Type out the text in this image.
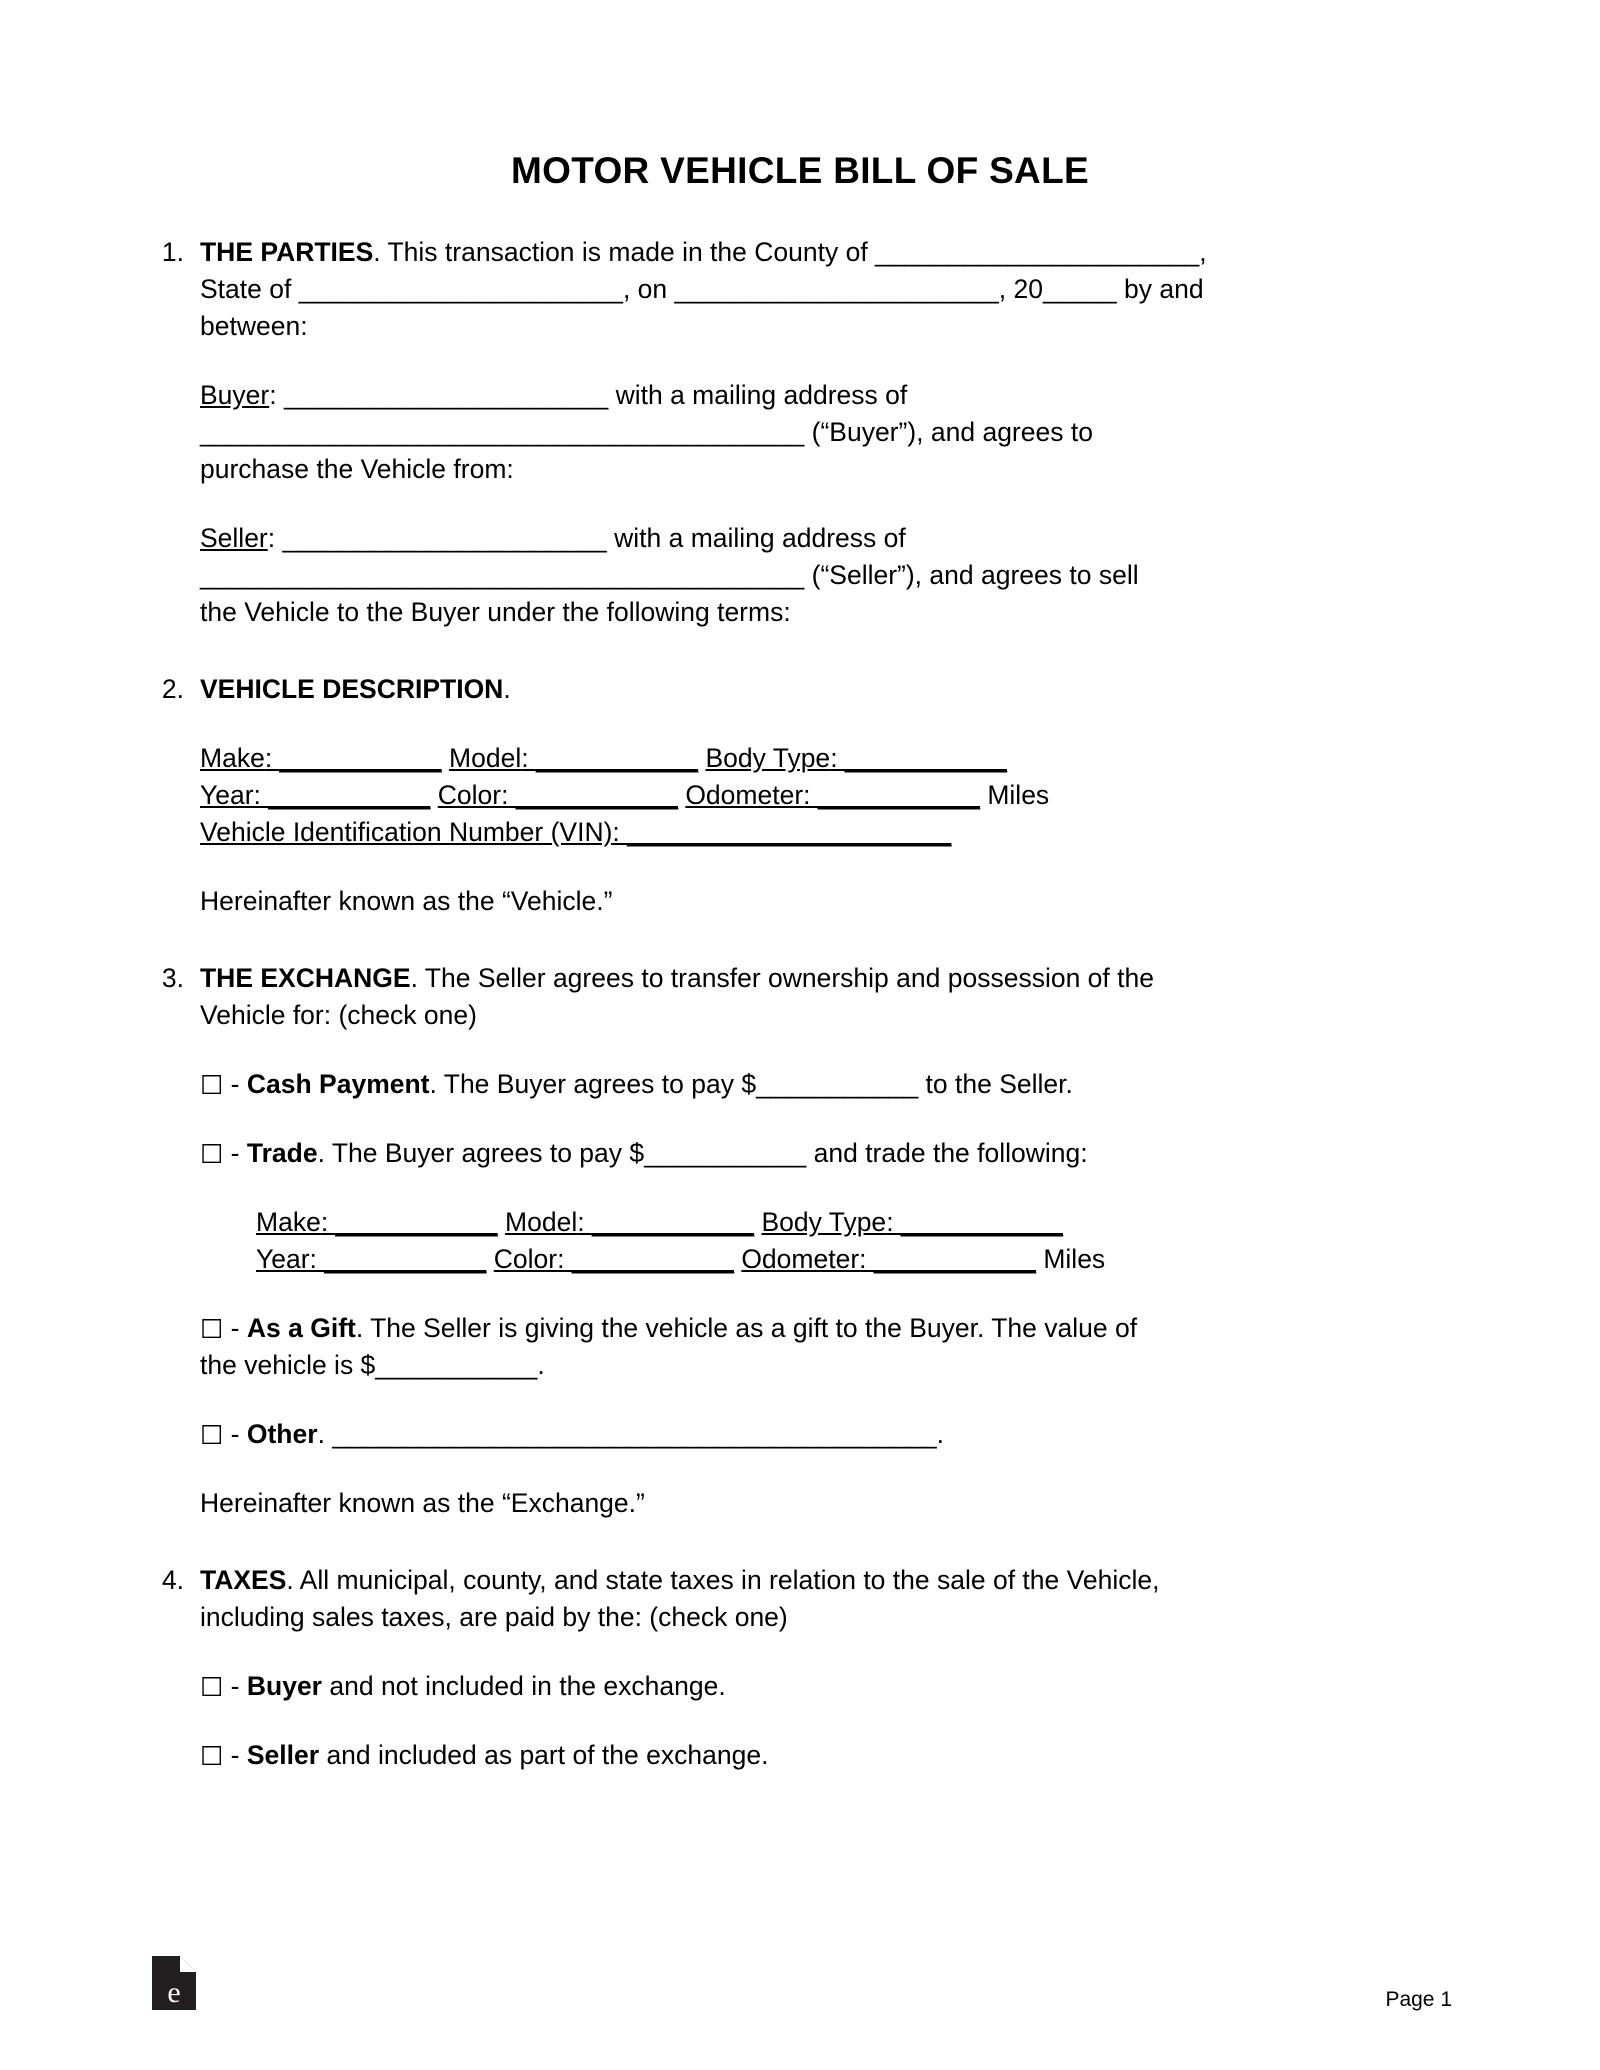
MOTOR VEHICLE BILL OF SALE
1. THE PARTIES. This transaction is made in the County of ______________________,
State of ______________________, on ______________________, 20_____ by and
between:
Buyer: ______________________ with a mailing address of
_________________________________________ (“Buyer”), and agrees to
purchase the Vehicle from:
Seller: ______________________ with a mailing address of
_________________________________________ (“Seller”), and agrees to sell
the Vehicle to the Buyer under the following terms:
2. VEHICLE DESCRIPTION.
Make: ___________ Model: ___________ Body Type: ___________
Year: ___________ Color: ___________ Odometer: ___________ Miles
Vehicle Identification Number (VIN): ______________________
Hereinafter known as the “Vehicle.”
3. THE EXCHANGE. The Seller agrees to transfer ownership and possession of the
Vehicle for: (check one)
☐ - Cash Payment. The Buyer agrees to pay $___________ to the Seller.
☐ - Trade. The Buyer agrees to pay $___________ and trade the following:
Make: ___________ Model: ___________ Body Type: ___________
Year: ___________ Color: ___________ Odometer: ___________ Miles
☐ - As a Gift. The Seller is giving the vehicle as a gift to the Buyer. The value of
the vehicle is $___________.
☐ - Other. _________________________________________.
Hereinafter known as the “Exchange.”
4. TAXES. All municipal, county, and state taxes in relation to the sale of the Vehicle,
including sales taxes, are paid by the: (check one)
☐ - Buyer and not included in the exchange.
☐ - Seller and included as part of the exchange.
e	Page 1
